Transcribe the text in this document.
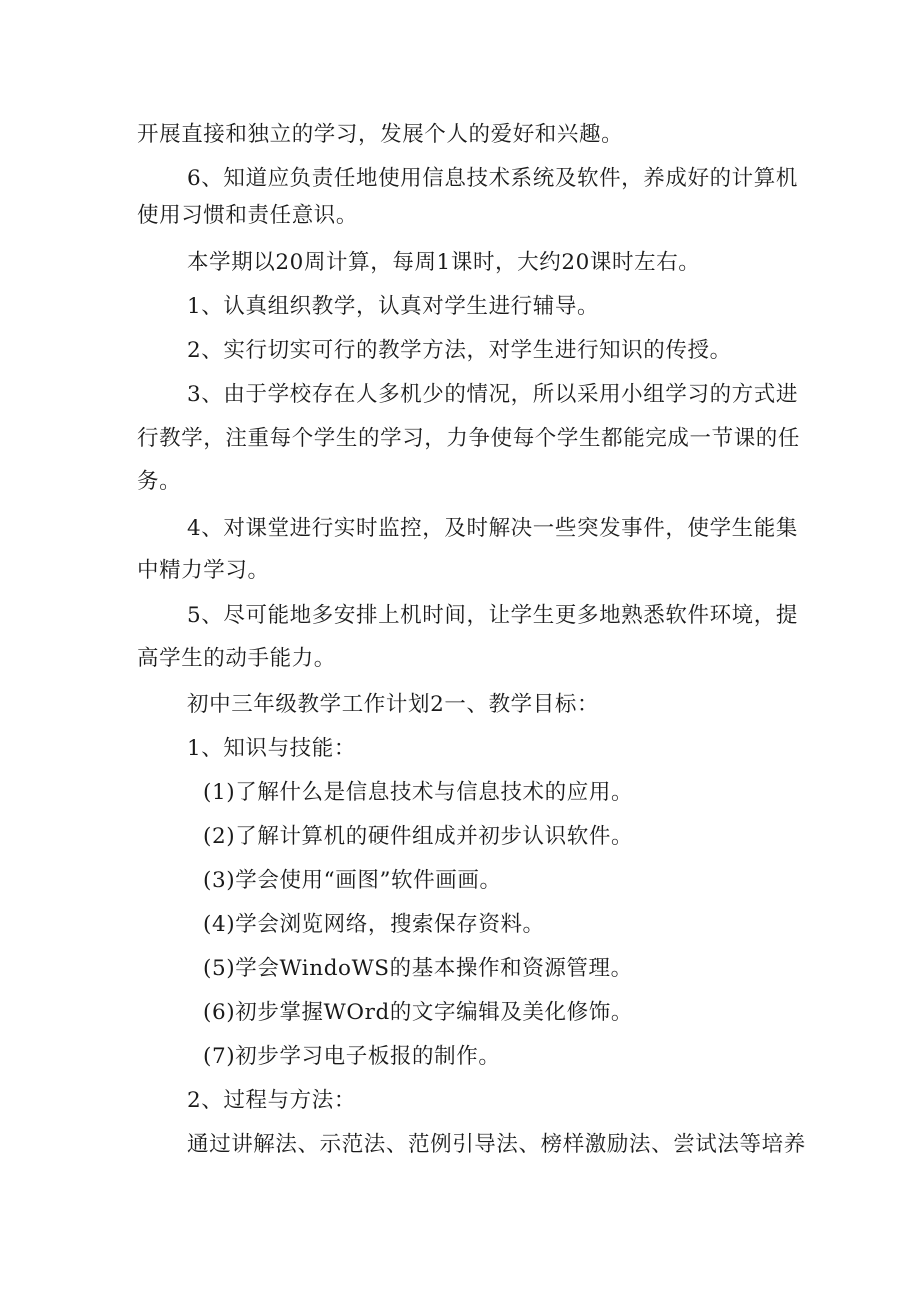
开展直接和独立的学习，发展个人的爱好和兴趣。
6、知道应负责任地使用信息技术系统及软件，养成好的计算机
使用习惯和责任意识。
本学期以20周计算，每周1课时，大约20课时左右。
1、认真组织教学，认真对学生进行辅导。
2、实行切实可行的教学方法，对学生进行知识的传授。
3、由于学校存在人多机少的情况，所以采用小组学习的方式进
行教学，注重每个学生的学习，力争使每个学生都能完成一节课的任
务。
4、对课堂进行实时监控，及时解决一些突发事件，使学生能集
中精力学习。
5、尽可能地多安排上机时间，让学生更多地熟悉软件环境，提
高学生的动手能力。
初中三年级教学工作计划2一、教学目标：
1、知识与技能：
(1)了解什么是信息技术与信息技术的应用。
(2)了解计算机的硬件组成并初步认识软件。
(3)学会使用“画图”软件画画。
(4)学会浏览网络，搜索保存资料。
(5)学会WindoWS的基本操作和资源管理。
(6)初步掌握WOrd的文字编辑及美化修饰。
(7)初步学习电子板报的制作。
2、过程与方法：
通过讲解法、示范法、范例引导法、榜样激励法、尝试法等培养
